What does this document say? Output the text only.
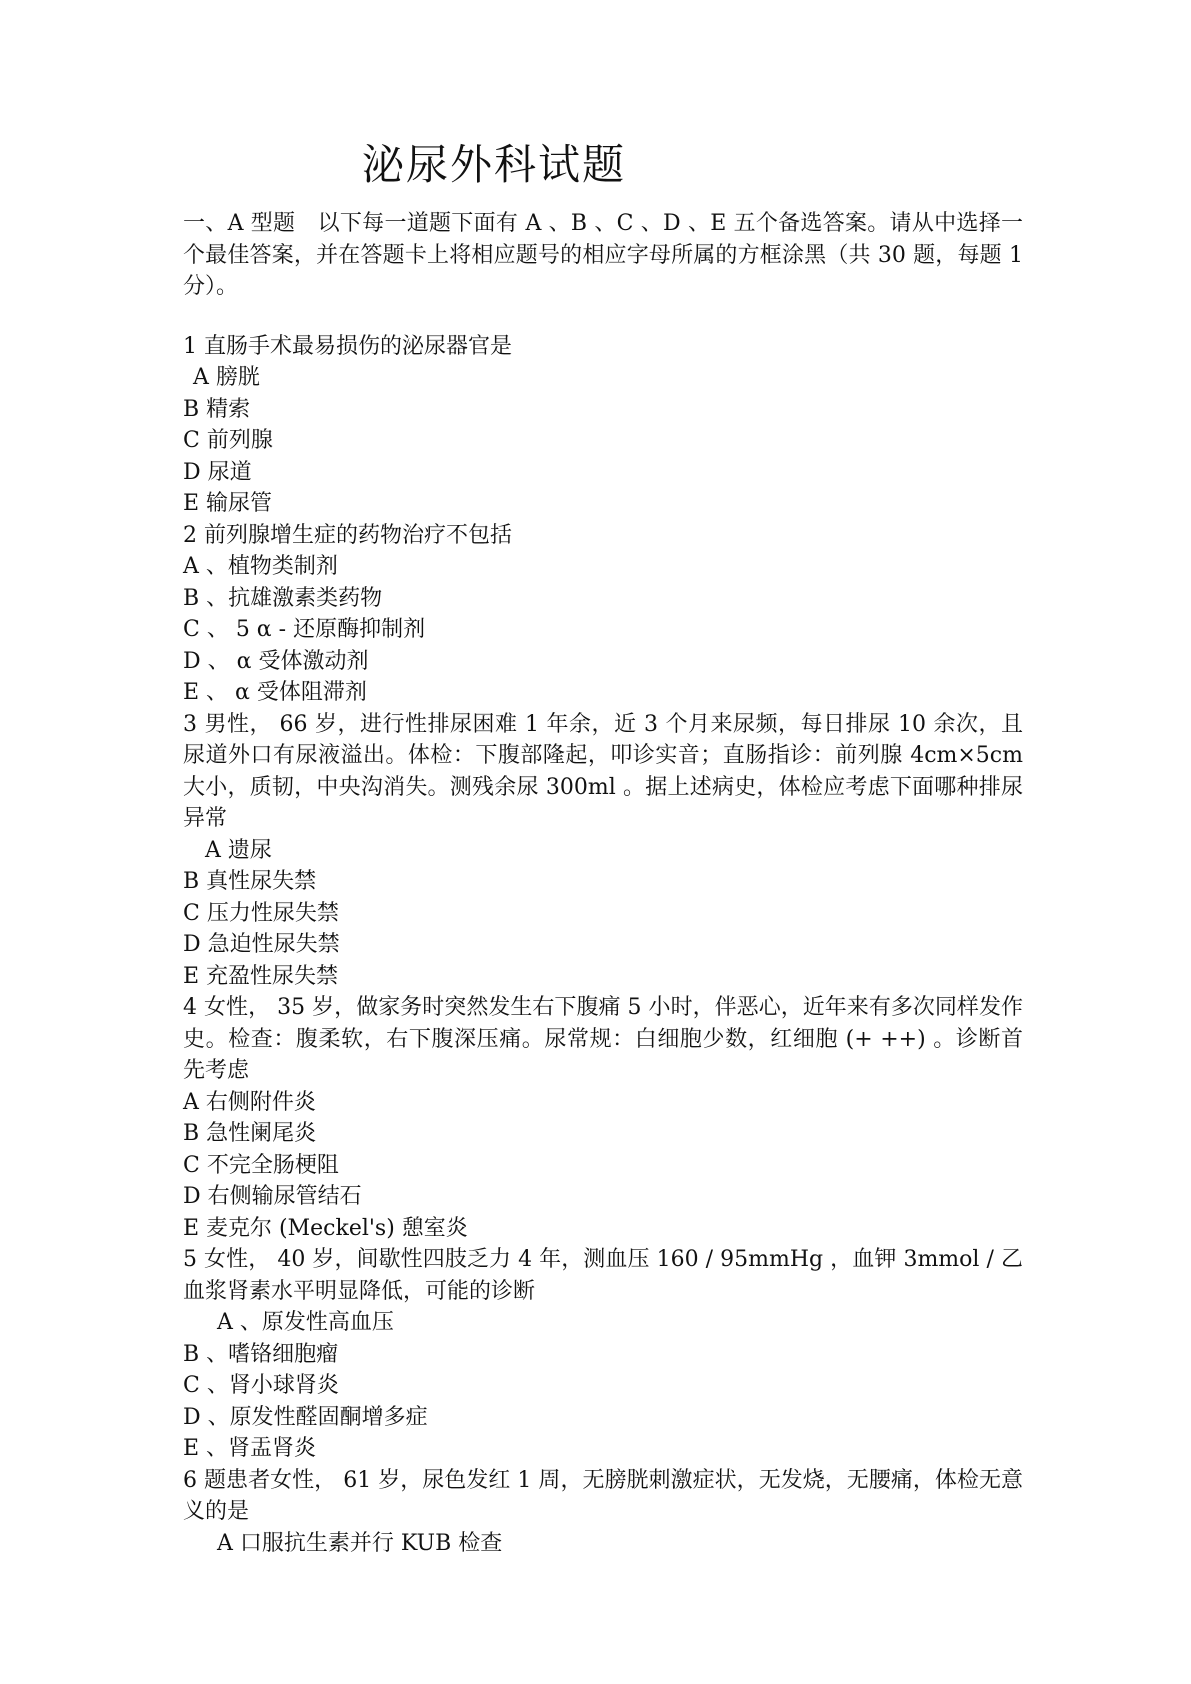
泌尿外科试题
一、A 型题　以下每一道题下面有 A 、B 、C 、D 、E 五个备选答案。请从中选择一个最佳答案，并在答题卡上将相应题号的相应字母所属的方框涂黑（共 30 题，每题 1 分）。
1 直肠手术最易损伤的泌尿器官是
A 膀胱
B 精索
C 前列腺
D 尿道
E 输尿管
2 前列腺增生症的药物治疗不包括
A 、植物类制剂
B 、抗雄激素类药物
C 、 5 α - 还原酶抑制剂
D 、 α 受体激动剂
E 、 α 受体阻滞剂
3 男性， 66 岁，进行性排尿困难 1 年余，近 3 个月来尿频，每日排尿 10 余次，且尿道外口有尿液溢出。体检：下腹部隆起，叩诊实音；直肠指诊：前列腺 4cm×5cm 大小，质韧，中央沟消失。测残余尿 300ml 。据上述病史，体检应考虑下面哪种排尿异常
A 遗尿
B 真性尿失禁
C 压力性尿失禁
D 急迫性尿失禁
E 充盈性尿失禁
4 女性， 35 岁，做家务时突然发生右下腹痛 5 小时，伴恶心，近年来有多次同样发作史。检查：腹柔软，右下腹深压痛。尿常规：白细胞少数，红细胞 (+ ++) 。诊断首先考虑
A 右侧附件炎
B 急性阑尾炎
C 不完全肠梗阻
D 右侧输尿管结石
E 麦克尔 (Meckel's) 憩室炎
5 女性， 40 岁，间歇性四肢乏力 4 年，测血压 160 / 95mmHg ，血钾 3mmol / 乙血浆肾素水平明显降低，可能的诊断
A 、原发性高血压
B 、嗜铬细胞瘤
C 、肾小球肾炎
D 、原发性醛固酮增多症
E 、肾盂肾炎
6 题患者女性， 61 岁，尿色发红 1 周，无膀胱刺激症状，无发烧，无腰痛，体检无意义的是
A 口服抗生素并行 KUB 检查
